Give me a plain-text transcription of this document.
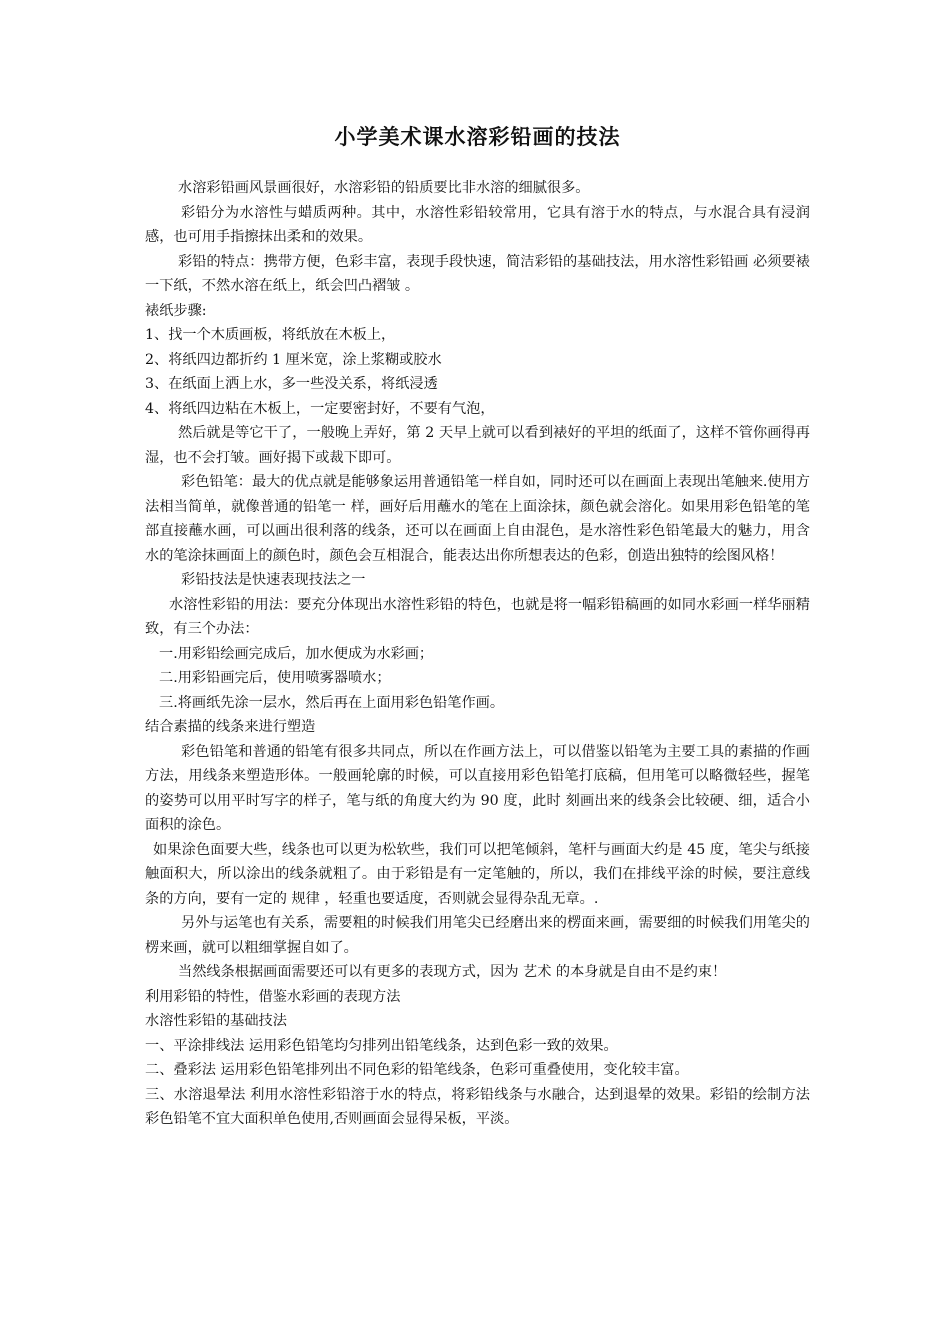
小学美术课水溶彩铅画的技法

水溶彩铅画风景画很好，水溶彩铅的铅质要比非水溶的细腻很多。

彩铅分为水溶性与蜡质两种。其中，水溶性彩铅较常用，它具有溶于水的特点，与水混合具有浸润感，也可用手指擦抹出柔和的效果。

彩铅的特点：携带方便，色彩丰富，表现手段快速，简洁彩铅的基础技法，用水溶性彩铅画 必须要裱一下纸，不然水溶在纸上，纸会凹凸褶皱 。

裱纸步骤:

1、找一个木质画板，将纸放在木板上，

2、将纸四边都折约 1 厘米宽，涂上浆糊或胶水

3、在纸面上洒上水，多一些没关系，将纸浸透

4、将纸四边粘在木板上，一定要密封好，不要有气泡，

然后就是等它干了，一般晚上弄好，第 2 天早上就可以看到裱好的平坦的纸面了，这样不管你画得再湿，也不会打皱。画好揭下或裁下即可。

彩色铅笔：最大的优点就是能够象运用普通铅笔一样自如，同时还可以在画面上表现出笔触来.使用方法相当简单，就像普通的铅笔一 样，画好后用蘸水的笔在上面涂抹，颜色就会溶化。如果用彩色铅笔的笔部直接蘸水画，可以画出很利落的线条，还可以在画面上自由混色，是水溶性彩色铅笔最大的魅力，用含水的笔涂抹画面上的颜色时，颜色会互相混合，能表达出你所想表达的色彩，创造出独特的绘图风格！

彩铅技法是快速表现技法之一

水溶性彩铅的用法：要充分体现出水溶性彩铅的特色，也就是将一幅彩铅稿画的如同水彩画一样华丽精致，有三个办法：

一.用彩铅绘画完成后，加水便成为水彩画；

二.用彩铅画完后，使用喷雾器喷水；

三.将画纸先涂一层水，然后再在上面用彩色铅笔作画。

结合素描的线条来进行塑造

彩色铅笔和普通的铅笔有很多共同点，所以在作画方法上，可以借鉴以铅笔为主要工具的素描的作画方法，用线条来塑造形体。一般画轮廓的时候，可以直接用彩色铅笔打底稿，但用笔可以略微轻些，握笔的姿势可以用平时写字的样子，笔与纸的角度大约为 90 度，此时 刻画出来的线条会比较硬、细，适合小面积的涂色。

如果涂色面要大些，线条也可以更为松软些，我们可以把笔倾斜，笔杆与画面大约是 45 度，笔尖与纸接触面积大，所以涂出的线条就粗了。由于彩铅是有一定笔触的，所以，我们在排线平涂的时候，要注意线条的方向，要有一定的 规律 ，轻重也要适度，否则就会显得杂乱无章。.

另外与运笔也有关系，需要粗的时候我们用笔尖已经磨出来的楞面来画，需要细的时候我们用笔尖的楞来画，就可以粗细掌握自如了。

当然线条根据画面需要还可以有更多的表现方式，因为 艺术 的本身就是自由不是约束！

利用彩铅的特性，借鉴水彩画的表现方法

水溶性彩铅的基础技法

一、平涂排线法 运用彩色铅笔均匀排列出铅笔线条，达到色彩一致的效果。

二、叠彩法 运用彩色铅笔排列出不同色彩的铅笔线条，色彩可重叠使用，变化较丰富。

三、水溶退晕法 利用水溶性彩铅溶于水的特点，将彩铅线条与水融合，达到退晕的效果。彩铅的绘制方法 彩色铅笔不宜大面积单色使用,否则画面会显得呆板，平淡。
